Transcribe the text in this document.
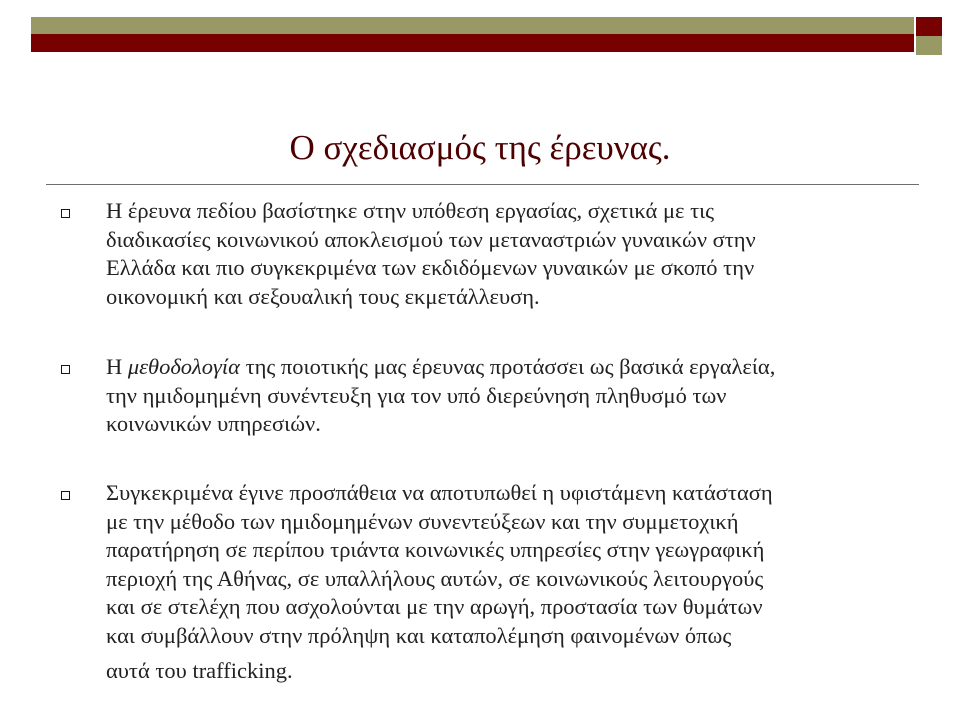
Ο σχεδιασμός της έρευνας.
Η έρευνα πεδίου βασίστηκε στην υπόθεση εργασίας, σχετικά με τις
διαδικασίες κοινωνικού αποκλεισμού των μεταναστριών γυναικών στην
Ελλάδα και πιο συγκεκριμένα των εκδιδόμενων γυναικών με σκοπό την
οικονομική και σεξουαλική τους εκμετάλλευση.
Η μεθοδολογία της ποιοτικής μας έρευνας προτάσσει ως βασικά εργαλεία,
την ημιδομημένη συνέντευξη για τον υπό διερεύνηση πληθυσμό των
κοινωνικών υπηρεσιών.
Συγκεκριμένα έγινε προσπάθεια να αποτυπωθεί η υφιστάμενη κατάσταση
με την μέθοδο των ημιδομημένων συνεντεύξεων και την συμμετοχική
παρατήρηση σε περίπου τριάντα κοινωνικές υπηρεσίες στην γεωγραφική
περιοχή της Αθήνας, σε υπαλλήλους αυτών, σε κοινωνικούς λειτουργούς
και σε στελέχη που ασχολούνται με την αρωγή, προστασία των θυμάτων
και συμβάλλουν στην πρόληψη και καταπολέμηση φαινομένων όπως
αυτά του trafficking.
